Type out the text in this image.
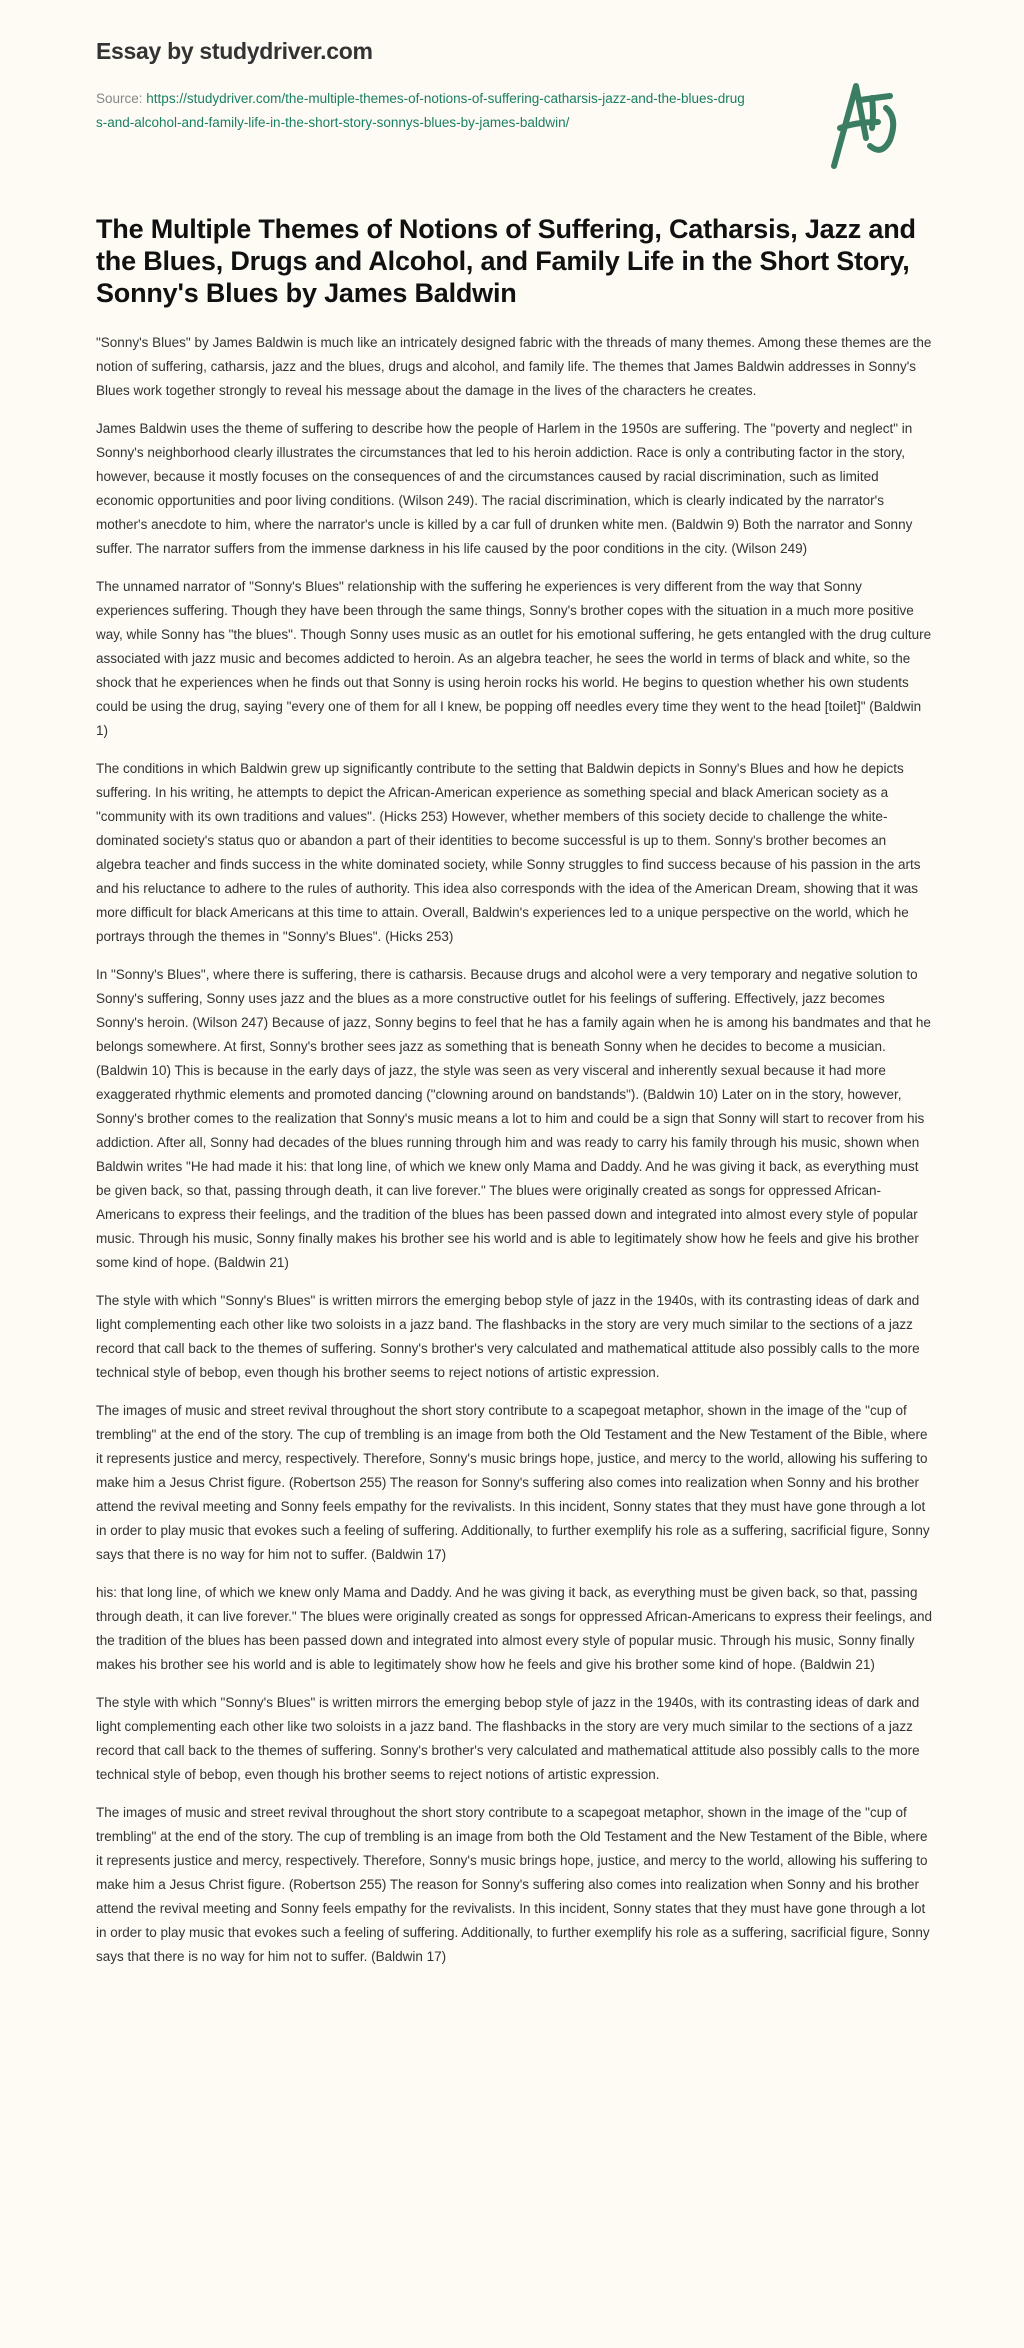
Essay by studydriver.com
Source: https://studydriver.com/the-multiple-themes-of-notions-of-suffering-catharsis-jazz-and-the-blues-drugs-and-alcohol-and-family-life-in-the-short-story-sonnys-blues-by-james-baldwin/
The Multiple Themes of Notions of Suffering, Catharsis, Jazz and the Blues, Drugs and Alcohol, and Family Life in the Short Story, Sonny's Blues by James Baldwin

"Sonny's Blues" by James Baldwin is much like an intricately designed fabric with the threads of many themes. Among these themes are the notion of suffering, catharsis, jazz and the blues, drugs and alcohol, and family life. The themes that James Baldwin addresses in Sonny's Blues work together strongly to reveal his message about the damage in the lives of the characters he creates.

James Baldwin uses the theme of suffering to describe how the people of Harlem in the 1950s are suffering. The "poverty and neglect" in Sonny's neighborhood clearly illustrates the circumstances that led to his heroin addiction. Race is only a contributing factor in the story, however, because it mostly focuses on the consequences of and the circumstances caused by racial discrimination, such as limited economic opportunities and poor living conditions. (Wilson 249). The racial discrimination, which is clearly indicated by the narrator's mother's anecdote to him, where the narrator's uncle is killed by a car full of drunken white men. (Baldwin 9) Both the narrator and Sonny suffer. The narrator suffers from the immense darkness in his life caused by the poor conditions in the city. (Wilson 249)

The unnamed narrator of "Sonny's Blues" relationship with the suffering he experiences is very different from the way that Sonny experiences suffering. Though they have been through the same things, Sonny's brother copes with the situation in a much more positive way, while Sonny has "the blues". Though Sonny uses music as an outlet for his emotional suffering, he gets entangled with the drug culture associated with jazz music and becomes addicted to heroin. As an algebra teacher, he sees the world in terms of black and white, so the shock that he experiences when he finds out that Sonny is using heroin rocks his world. He begins to question whether his own students could be using the drug, saying "every one of them for all I knew, be popping off needles every time they went to the head [toilet]" (Baldwin 1)

The conditions in which Baldwin grew up significantly contribute to the setting that Baldwin depicts in Sonny's Blues and how he depicts suffering. In his writing, he attempts to depict the African-American experience as something special and black American society as a "community with its own traditions and values". (Hicks 253) However, whether members of this society decide to challenge the white-dominated society's status quo or abandon a part of their identities to become successful is up to them. Sonny's brother becomes an algebra teacher and finds success in the white dominated society, while Sonny struggles to find success because of his passion in the arts and his reluctance to adhere to the rules of authority. This idea also corresponds with the idea of the American Dream, showing that it was more difficult for black Americans at this time to attain. Overall, Baldwin's experiences led to a unique perspective on the world, which he portrays through the themes in "Sonny's Blues". (Hicks 253)

In "Sonny's Blues", where there is suffering, there is catharsis. Because drugs and alcohol were a very temporary and negative solution to Sonny's suffering, Sonny uses jazz and the blues as a more constructive outlet for his feelings of suffering. Effectively, jazz becomes Sonny's heroin. (Wilson 247) Because of jazz, Sonny begins to feel that he has a family again when he is among his bandmates and that he belongs somewhere. At first, Sonny's brother sees jazz as something that is beneath Sonny when he decides to become a musician. (Baldwin 10) This is because in the early days of jazz, the style was seen as very visceral and inherently sexual because it had more exaggerated rhythmic elements and promoted dancing ("clowning around on bandstands"). (Baldwin 10) Later on in the story, however, Sonny's brother comes to the realization that Sonny's music means a lot to him and could be a sign that Sonny will start to recover from his addiction. After all, Sonny had decades of the blues running through him and was ready to carry his family through his music, shown when Baldwin writes "He had made it his: that long line, of which we knew only Mama and Daddy. And he was giving it back, as everything must be given back, so that, passing through death, it can live forever." The blues were originally created as songs for oppressed African-Americans to express their feelings, and the tradition of the blues has been passed down and integrated into almost every style of popular music. Through his music, Sonny finally makes his brother see his world and is able to legitimately show how he feels and give his brother some kind of hope. (Baldwin 21)

The style with which "Sonny's Blues" is written mirrors the emerging bebop style of jazz in the 1940s, with its contrasting ideas of dark and light complementing each other like two soloists in a jazz band. The flashbacks in the story are very much similar to the sections of a jazz record that call back to the themes of suffering. Sonny's brother's very calculated and mathematical attitude also possibly calls to the more technical style of bebop, even though his brother seems to reject notions of artistic expression.

The images of music and street revival throughout the short story contribute to a scapegoat metaphor, shown in the image of the "cup of trembling" at the end of the story. The cup of trembling is an image from both the Old Testament and the New Testament of the Bible, where it represents justice and mercy, respectively. Therefore, Sonny's music brings hope, justice, and mercy to the world, allowing his suffering to make him a Jesus Christ figure. (Robertson 255) The reason for Sonny's suffering also comes into realization when Sonny and his brother attend the revival meeting and Sonny feels empathy for the revivalists. In this incident, Sonny states that they must have gone through a lot in order to play music that evokes such a feeling of suffering. Additionally, to further exemplify his role as a suffering, sacrificial figure, Sonny says that there is no way for him not to suffer. (Baldwin 17)

his: that long line, of which we knew only Mama and Daddy. And he was giving it back, as everything must be given back, so that, passing through death, it can live forever." The blues were originally created as songs for oppressed African-Americans to express their feelings, and the tradition of the blues has been passed down and integrated into almost every style of popular music. Through his music, Sonny finally makes his brother see his world and is able to legitimately show how he feels and give his brother some kind of hope. (Baldwin 21)

The style with which "Sonny's Blues" is written mirrors the emerging bebop style of jazz in the 1940s, with its contrasting ideas of dark and light complementing each other like two soloists in a jazz band. The flashbacks in the story are very much similar to the sections of a jazz record that call back to the themes of suffering. Sonny's brother's very calculated and mathematical attitude also possibly calls to the more technical style of bebop, even though his brother seems to reject notions of artistic expression.

The images of music and street revival throughout the short story contribute to a scapegoat metaphor, shown in the image of the "cup of trembling" at the end of the story. The cup of trembling is an image from both the Old Testament and the New Testament of the Bible, where it represents justice and mercy, respectively. Therefore, Sonny's music brings hope, justice, and mercy to the world, allowing his suffering to make him a Jesus Christ figure. (Robertson 255) The reason for Sonny's suffering also comes into realization when Sonny and his brother attend the revival meeting and Sonny feels empathy for the revivalists. In this incident, Sonny states that they must have gone through a lot in order to play music that evokes such a feeling of suffering. Additionally, to further exemplify his role as a suffering, sacrificial figure, Sonny says that there is no way for him not to suffer. (Baldwin 17)
